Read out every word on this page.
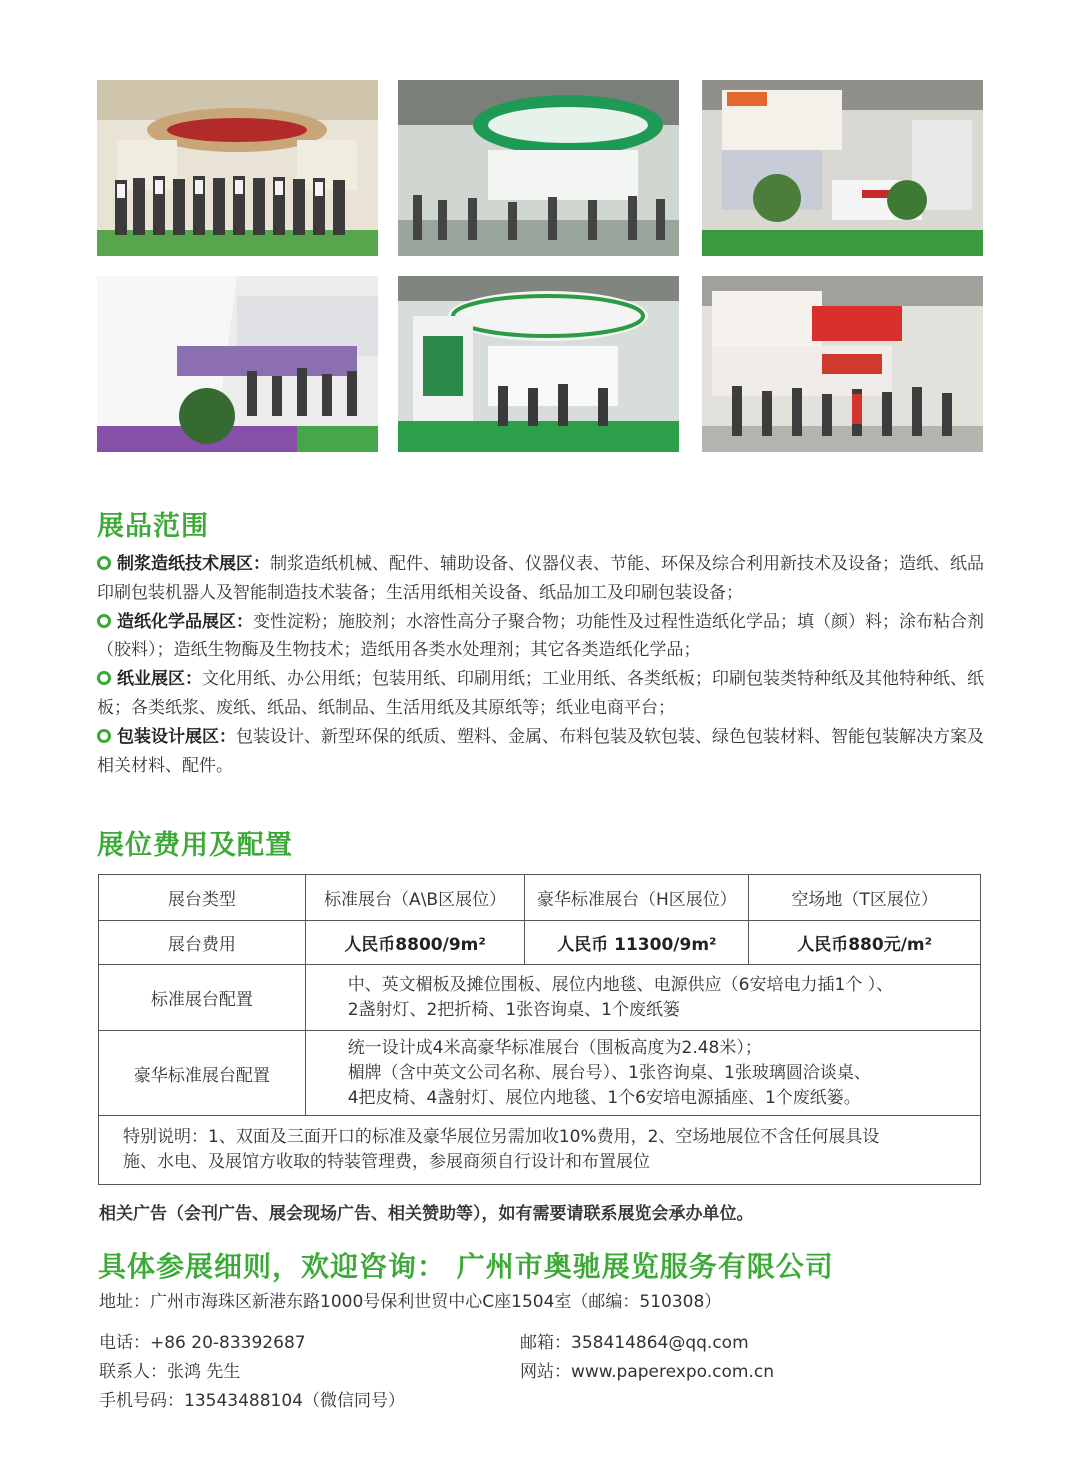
展品范围
制浆造纸技术展区：制浆造纸机械、配件、辅助设备、仪器仪表、节能、环保及综合利用新技术及设备；造纸、纸品印刷包装机器人及智能制造技术装备；生活用纸相关设备、纸品加工及印刷包装设备；
造纸化学品展区：变性淀粉；施胶剂；水溶性高分子聚合物；功能性及过程性造纸化学品；填（颜）料；涂布粘合剂（胶料）；造纸生物酶及生物技术；造纸用各类水处理剂；其它各类造纸化学品；
纸业展区：文化用纸、办公用纸；包装用纸、印刷用纸；工业用纸、各类纸板；印刷包装类特种纸及其他特种纸、纸板；各类纸浆、废纸、纸品、纸制品、生活用纸及其原纸等；纸业电商平台；
包装设计展区：包装设计、新型环保的纸质、塑料、金属、布料包装及软包装、绿色包装材料、智能包装解决方案及相关材料、配件。
展位费用及配置
展台类型	标准展台（A\B区展位）	豪华标准展台（H区展位）	空场地（T区展位）
展台费用	人民币8800/9m²	人民币 11300/9m²	人民币880元/m²
标准展台配置	中、英文楣板及摊位围板、展位内地毯、电源供应（6安培电力插1个 ）、
2盏射灯、2把折椅、1张咨询桌、1个废纸篓		

豪华标准展台配置	统一设计成4米高豪华标准展台（围板高度为2.48米）；
楣牌（含中英文公司名称、展台号）、1张咨询桌、1张玻璃圆洽谈桌、
4把皮椅、4盏射灯、展位内地毯、1个6安培电源插座、1个废纸篓。		

特别说明：1、双面及三面开口的标准及豪华展位另需加收10%费用，2、空场地展位不含任何展具设
施、水电、及展馆方收取的特装管理费，参展商须自行设计和布置展位			
相关广告（会刊广告、展会现场广告、相关赞助等），如有需要请联系展览会承办单位。
具体参展细则，欢迎咨询： 广州市奥驰展览服务有限公司
地址：广州市海珠区新港东路1000号保利世贸中心C座1504室（邮编：510308）
电话：+86 20-83392687
联系人：张鸿 先生
手机号码：13543488104（微信同号）
邮箱：358414864@qq.com
网站：www.paperexpo.com.cn
